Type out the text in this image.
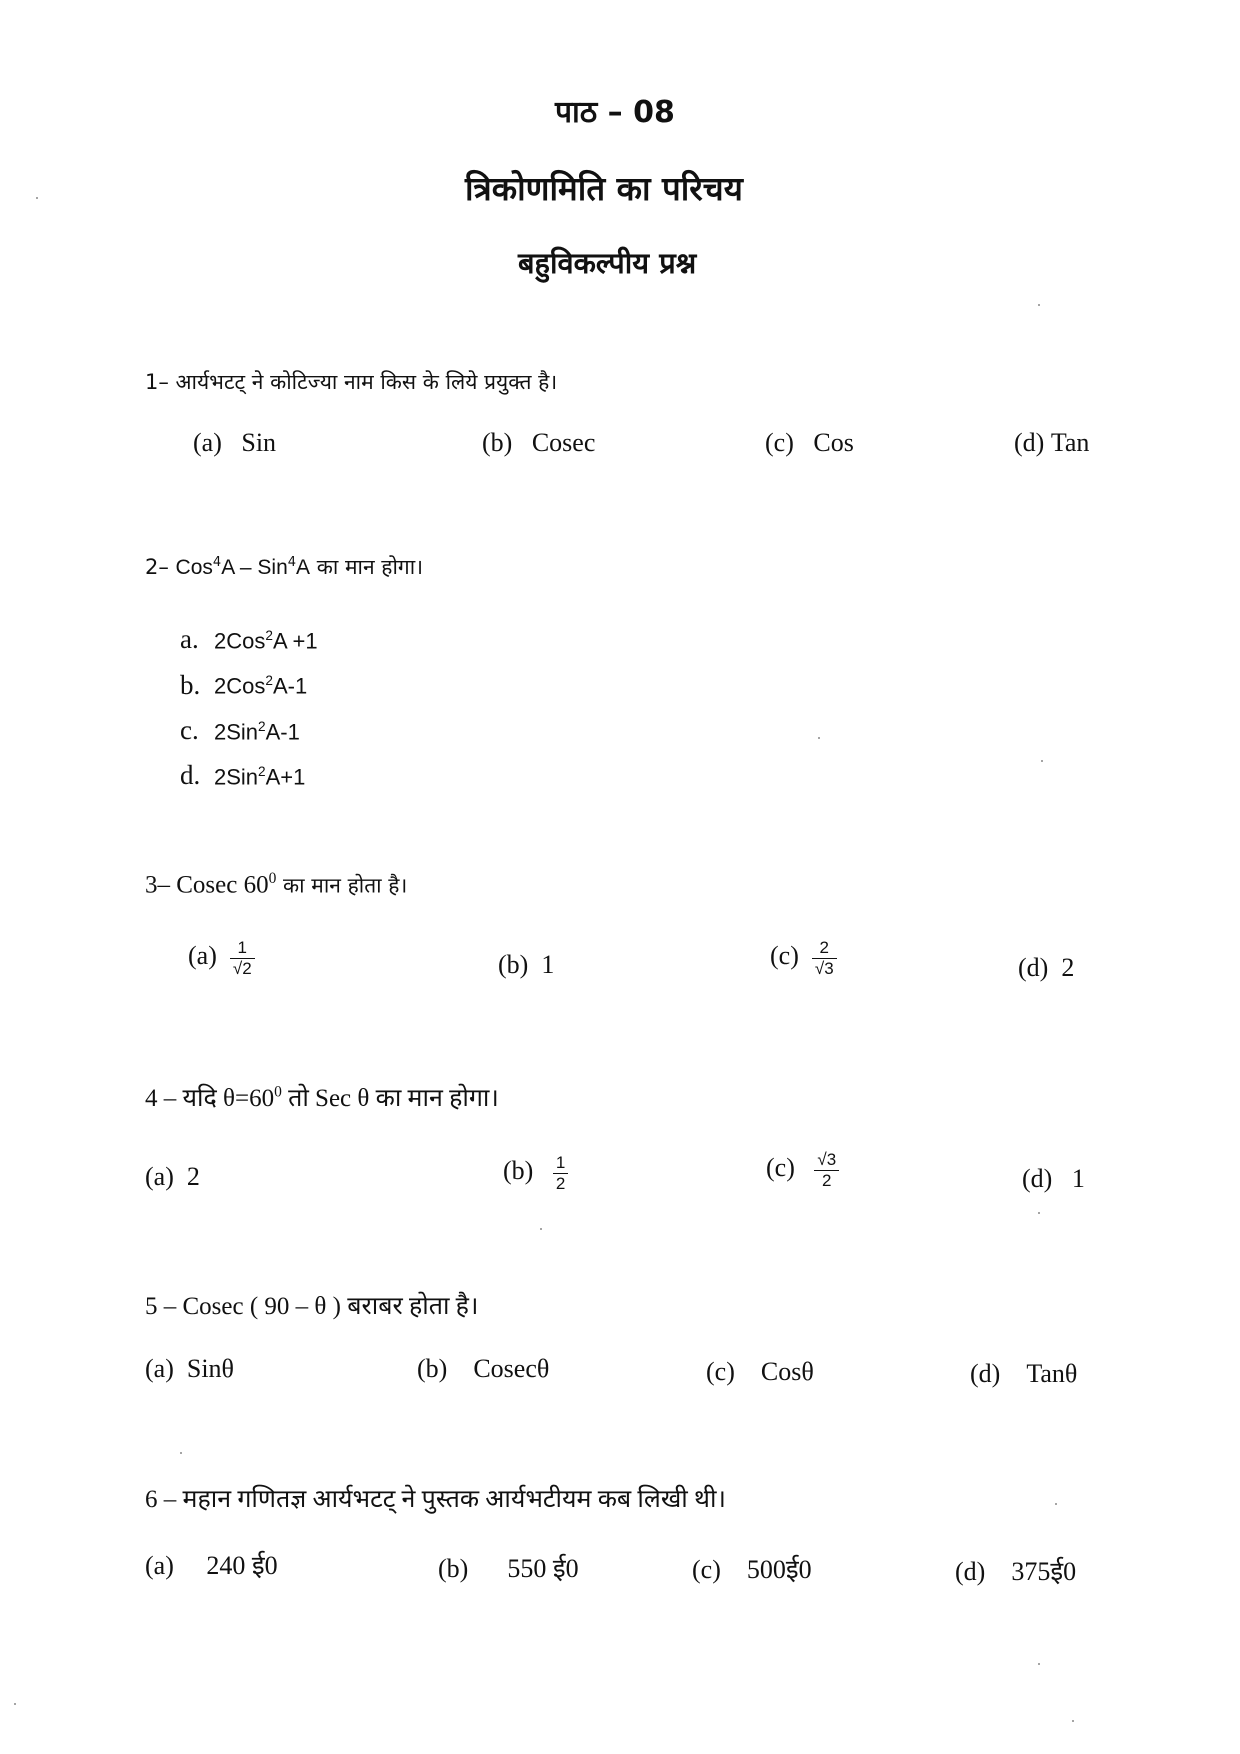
पाठ – 08
त्रिकोणमिति का परिचय
बहुविकल्पीय प्रश्न
1– आर्यभटट् ने कोटिज्या नाम किस के लिये प्रयुक्त है।
(a) Sin	(b) Cosec	(c) Cos	(d) Tan
2– Cos$^4$A – Sin$^4$A का मान होगा।
a. 2Cos$^2$A +1
b. 2Cos$^2$A-1
c. 2Sin$^2$A-1
d. 2Sin$^2$A+1
3– Cosec $60^0$ का मान होता है।
$(a) \frac{1}{√2}$	(b) 1	$(c) \frac{2}{√3}$	(d) 2
4 – यदि $\theta=60^0$ तो Sec θ का मान होगा।
(a) 2	$(b) \frac{1}{2}$	$(c) \frac{√3}{2}$	(d) 1
5 – Cosec ( 90 – θ ) बराबर होता है।
(a) Sinθ	(b) Cosecθ	(c) Cosθ	(d) Tanθ
6 – महान गणितज्ञ आर्यभटट् ने पुस्तक आर्यभटीयम कब लिखी थी।
(a) 240 ई0	(b) 550 ई0	(c) 500ई0	(d) 375ई0
